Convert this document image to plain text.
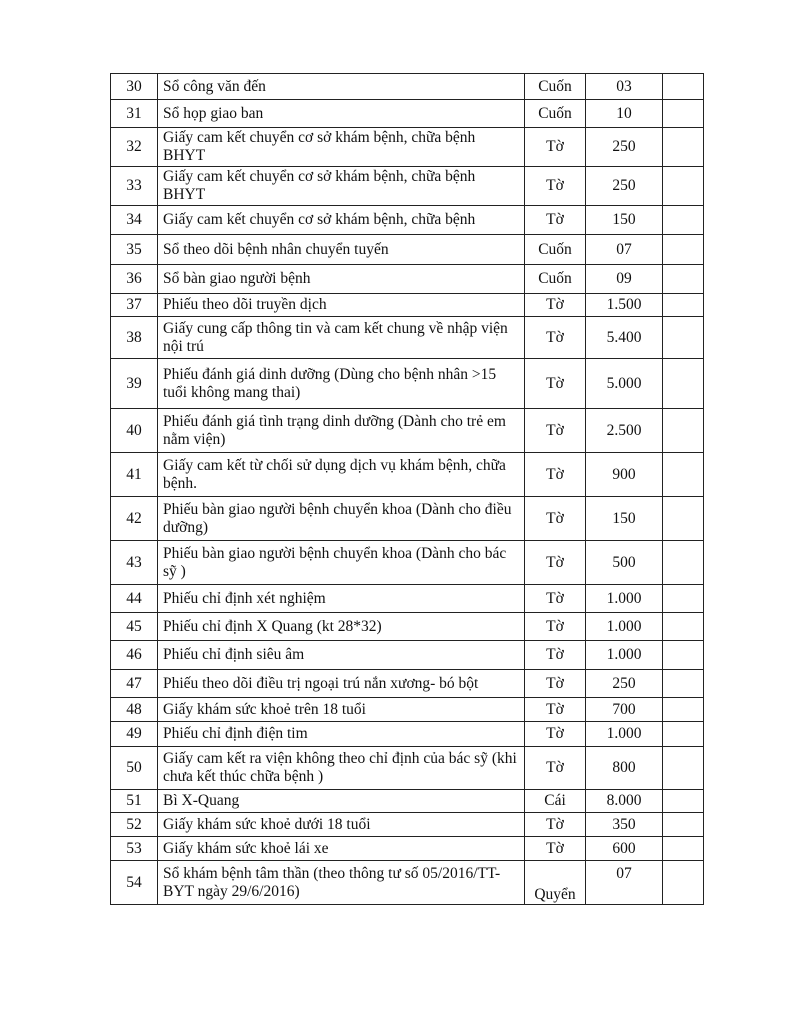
30	Sổ công văn đến	Cuốn	03	
31	Sổ họp giao ban	Cuốn	10	
32	Giấy cam kết chuyển cơ sở khám bệnh, chữa bệnh BHYT	Tờ	250	
33	Giấy cam kết chuyển cơ sở khám bệnh, chữa bệnh BHYT	Tờ	250	
34	Giấy cam kết chuyển cơ sở khám bệnh, chữa bệnh	Tờ	150	
35	Sổ theo dõi bệnh nhân chuyển tuyến	Cuốn	07	
36	Sổ bàn giao người bệnh	Cuốn	09	
37	Phiếu theo dõi truyền dịch	Tờ	1.500	
38	Giấy cung cấp thông tin và cam kết chung về nhập viện nội trú	Tờ	5.400	
39	Phiếu đánh giá dinh dưỡng (Dùng cho bệnh nhân >15 tuổi không mang thai)	Tờ	5.000	
40	Phiếu đánh giá tình trạng dinh dưỡng (Dành cho trẻ em nằm viện)	Tờ	2.500	
41	Giấy cam kết từ chối sử dụng dịch vụ khám bệnh, chữa bệnh.	Tờ	900	
42	Phiếu bàn giao người bệnh chuyển khoa (Dành cho điều dưỡng)	Tờ	150	
43	Phiếu bàn giao người bệnh chuyển khoa (Dành cho bác sỹ )	Tờ	500	
44	Phiếu chỉ định xét nghiệm	Tờ	1.000	
45	Phiếu chỉ định X Quang (kt 28*32)	Tờ	1.000	
46	Phiếu chỉ định siêu âm	Tờ	1.000	
47	Phiếu theo dõi điều trị ngoại trú nắn xương- bó bột	Tờ	250	
48	Giấy khám sức khoẻ trên 18 tuổi	Tờ	700	
49	Phiếu chỉ định điện tim	Tờ	1.000	
50	Giấy cam kết ra viện không theo chỉ định của bác sỹ (khi chưa kết thúc chữa bệnh )	Tờ	800	
51	Bì X-Quang	Cái	8.000	
52	Giấy khám sức khoẻ dưới 18 tuổi	Tờ	350	
53	Giấy khám sức khoẻ lái xe	Tờ	600	
54	Sổ khám bệnh tâm thần (theo thông tư số 05/2016/TT-BYT ngày 29/6/2016)	Quyển	07	
